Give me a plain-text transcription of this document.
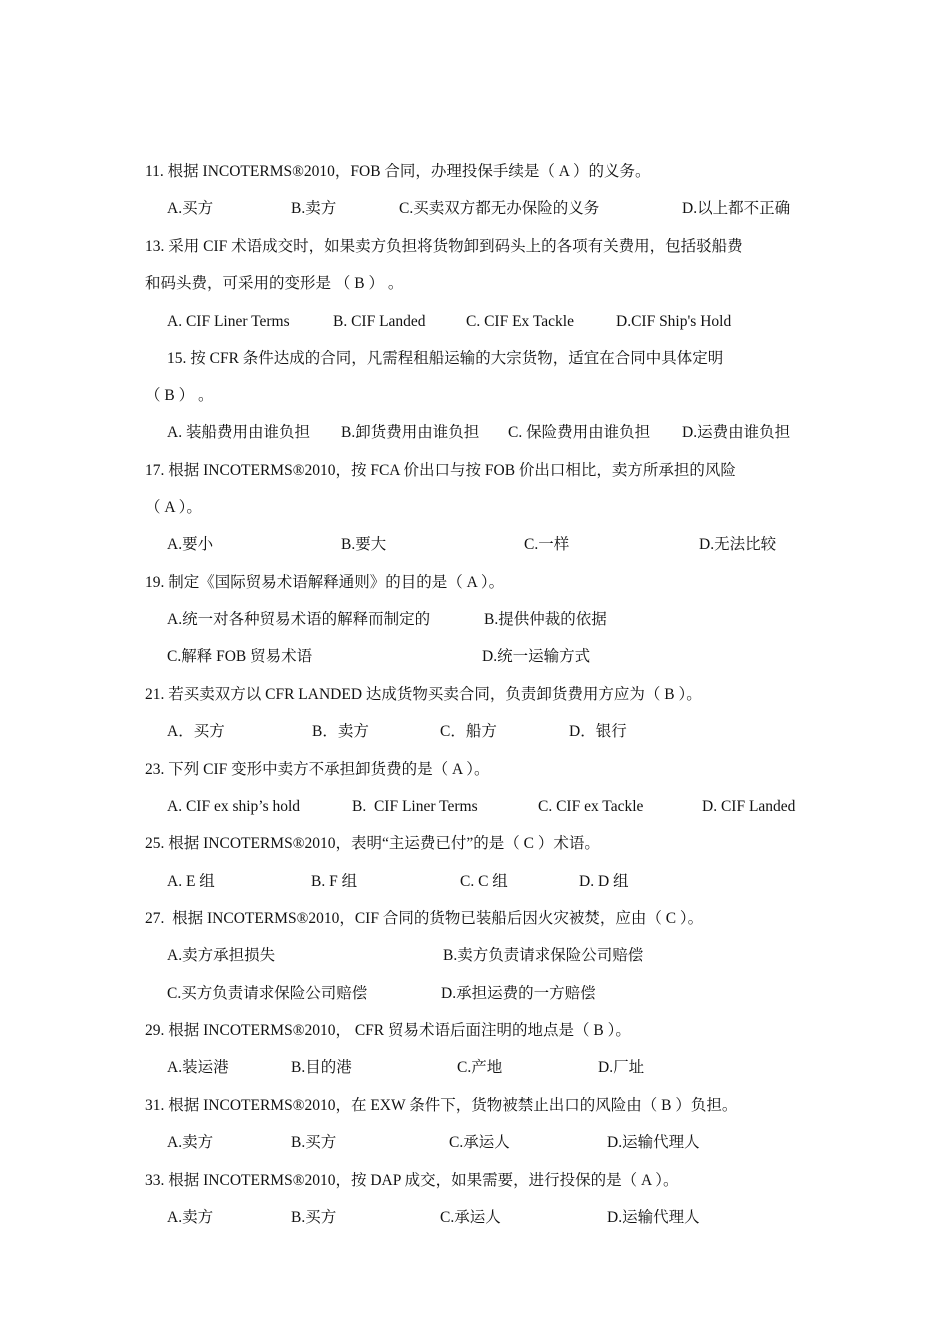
11. 根据 INCOTERMS®2010，FOB 合同，办理投保手续是（ A ）的义务。
A.买方	B.卖方	C.买卖双方都无办保险的义务	D.以上都不正确
13. 采用 CIF 术语成交时，如果卖方负担将货物卸到码头上的各项有关费用，包括驳船费
和码头费，可采用的变形是 （ B ） 。
A. CIF Liner Terms	B. CIF Landed	C. CIF Ex Tackle	D.CIF Ship's Hold
15. 按 CFR 条件达成的合同，凡需程租船运输的大宗货物，适宜在合同中具体定明
（ B ） 。
A. 装船费用由谁负担 B.卸货费用由谁负担 C. 保险费用由谁负担 D.运费由谁负担
17. 根据 INCOTERMS®2010，按 FCA 价出口与按 FOB 价出口相比，卖方所承担的风险
（ A ）。
A.要小	B.要大	C.一样	D.无法比较
19. 制定《国际贸易术语解释通则》的目的是（ A ）。
A.统一对各种贸易术语的解释而制定的	B.提供仲裁的依据
C.解释 FOB 贸易术语	D.统一运输方式
21. 若买卖双方以 CFR LANDED 达成货物买卖合同，负责卸货费用方应为（ B ）。
A．买方	B．卖方	C．船方	D．银行
23. 下列 CIF 变形中卖方不承担卸货费的是（ A ）。
A. CIF ex ship’s hold	B.  CIF Liner Terms	C. CIF ex Tackle	D. CIF Landed
25. 根据 INCOTERMS®2010，表明“主运费已付”的是（ C ）术语。
A. E 组	B. F 组	C. C 组	D. D 组
27.  根据 INCOTERMS®2010，CIF 合同的货物已装船后因火灾被焚，应由（ C ）。
A.卖方承担损失	B.卖方负责请求保险公司赔偿
C.买方负责请求保险公司赔偿	D.承担运费的一方赔偿
29. 根据 INCOTERMS®2010， CFR 贸易术语后面注明的地点是（ B ）。
A.装运港	B.目的港	C.产地	D.厂址
31. 根据 INCOTERMS®2010，在 EXW 条件下，货物被禁止出口的风险由（ B ）负担。
A.卖方	B.买方	C.承运人	D.运输代理人
33. 根据 INCOTERMS®2010，按 DAP 成交，如果需要，进行投保的是（ A ）。
A.卖方	B.买方	C.承运人	D.运输代理人
